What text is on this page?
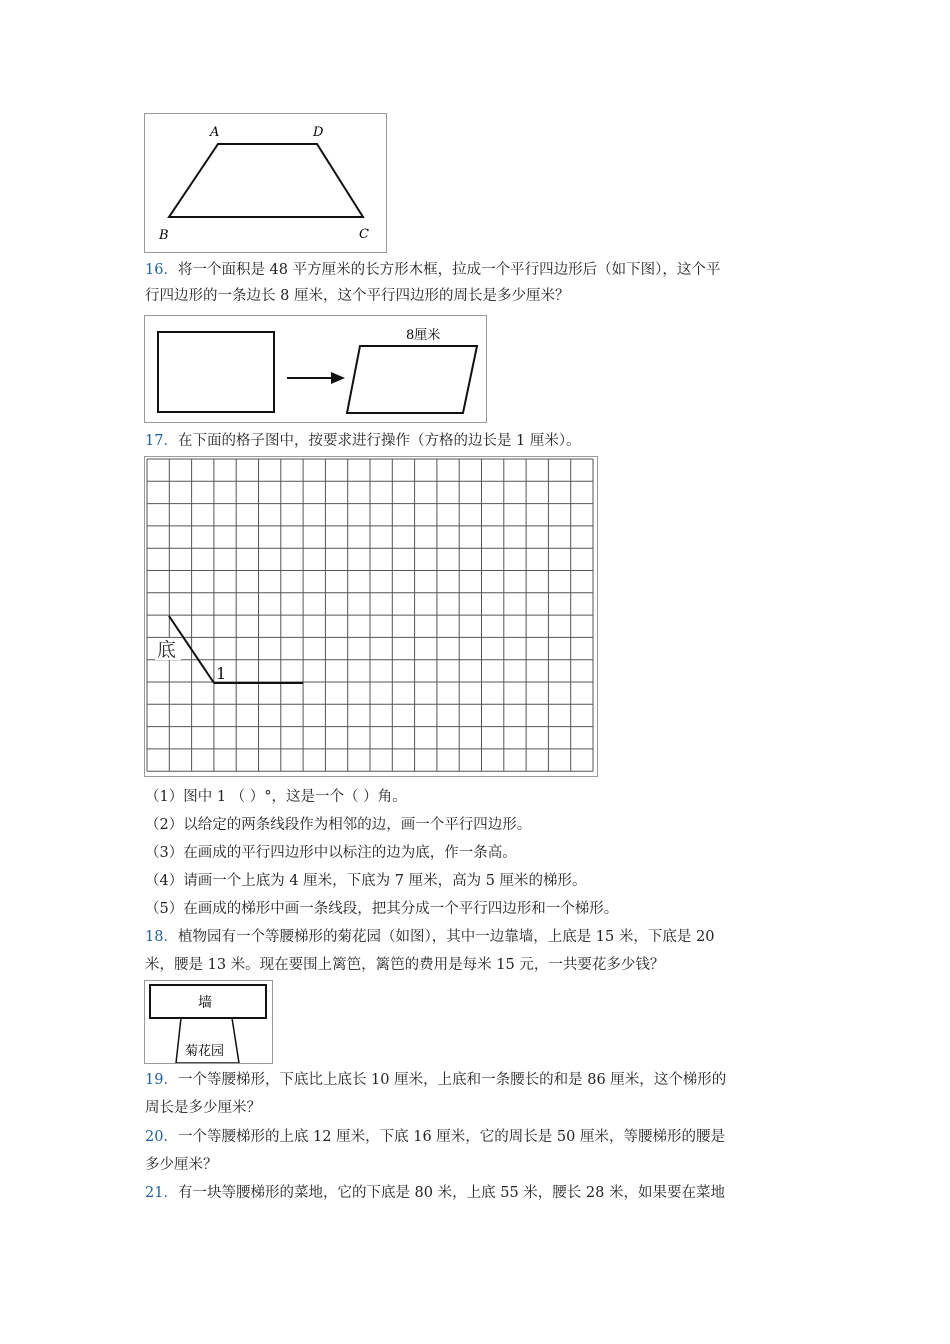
A	D
B	C
16．将一个面积是 48 平方厘米的长方形木框，拉成一个平行四边形后（如下图），这个平
行四边形的一条边长 8 厘米，这个平行四边形的周长是多少厘米？
8厘米
17．在下面的格子图中，按要求进行操作（方格的边长是 1 厘米）。
底
1
（1）图中 1 （ ）°，这是一个（ ）角。
（2）以给定的两条线段作为相邻的边，画一个平行四边形。
（3）在画成的平行四边形中以标注的边为底，作一条高。
（4）请画一个上底为 4 厘米，下底为 7 厘米，高为 5 厘米的梯形。
（5）在画成的梯形中画一条线段，把其分成一个平行四边形和一个梯形。
18．植物园有一个等腰梯形的菊花园（如图），其中一边靠墙，上底是 15 米，下底是 20
米，腰是 13 米。现在要围上篱笆，篱笆的费用是每米 15 元，一共要花多少钱？
墙
菊花园
19．一个等腰梯形，下底比上底长 10 厘米，上底和一条腰长的和是 86 厘米，这个梯形的
周长是多少厘米？
20．一个等腰梯形的上底 12 厘米，下底 16 厘米，它的周长是 50 厘米，等腰梯形的腰是
多少厘米？
21．有一块等腰梯形的菜地，它的下底是 80 米，上底 55 米，腰长 28 米，如果要在菜地
